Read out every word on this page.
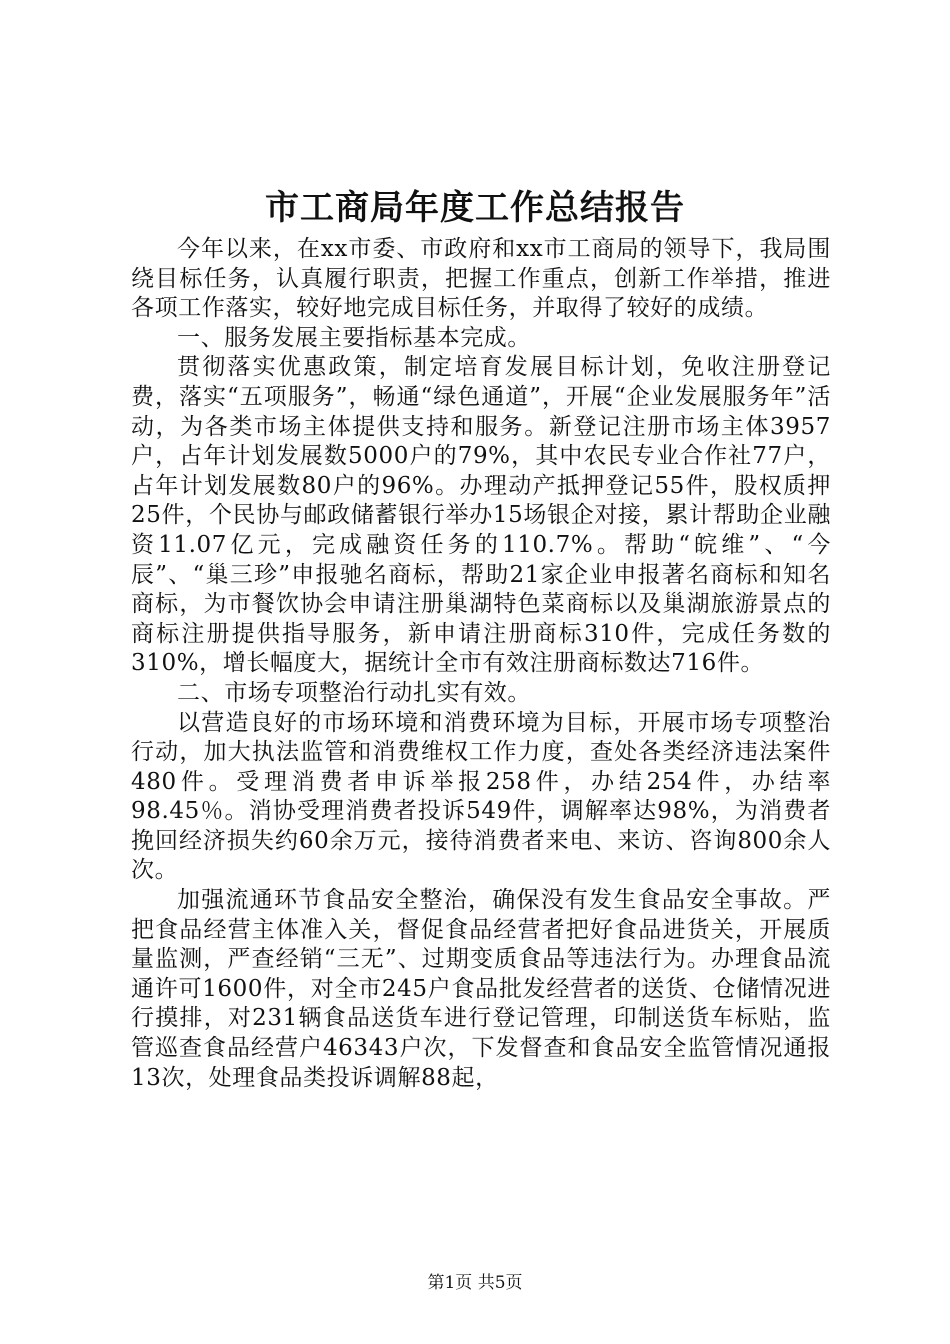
市工商局年度工作总结报告

今年以来，在xx市委、市政府和xx市工商局的领导下，我局围绕目标任务，认真履行职责，把握工作重点，创新工作举措，推进各项工作落实，较好地完成目标任务，并取得了较好的成绩。

一、服务发展主要指标基本完成。

贯彻落实优惠政策，制定培育发展目标计划，免收注册登记费，落实“五项服务”，畅通“绿色通道”，开展“企业发展服务年”活动，为各类市场主体提供支持和服务。新登记注册市场主体3957户，占年计划发展数5000户的79%，其中农民专业合作社77户，占年计划发展数80户的96%。办理动产抵押登记55件，股权质押25件，个民协与邮政储蓄银行举办15场银企对接，累计帮助企业融资11.07亿元，完成融资任务的110.7%。帮助“皖维”、“今辰”、“巢三珍”申报驰名商标，帮助21家企业申报著名商标和知名商标，为市餐饮协会申请注册巢湖特色菜商标以及巢湖旅游景点的商标注册提供指导服务，新申请注册商标310件，完成任务数的310%，增长幅度大，据统计全市有效注册商标数达716件。

二、市场专项整治行动扎实有效。

以营造良好的市场环境和消费环境为目标，开展市场专项整治行动，加大执法监管和消费维权工作力度，查处各类经济违法案件480件。受理消费者申诉举报258件，办结254件，办结率98.45％。消协受理消费者投诉549件，调解率达98%，为消费者挽回经济损失约60余万元，接待消费者来电、来访、咨询800余人次。

加强流通环节食品安全整治，确保没有发生食品安全事故。严把食品经营主体准入关，督促食品经营者把好食品进货关，开展质量监测，严查经销“三无”、过期变质食品等违法行为。办理食品流通许可1600件，对全市245户食品批发经营者的送货、仓储情况进行摸排，对231辆食品送货车进行登记管理，印制送货车标贴，监管巡查食品经营户46343户次，下发督查和食品安全监管情况通报13次，处理食品类投诉调解88起，

第1页 共5页
